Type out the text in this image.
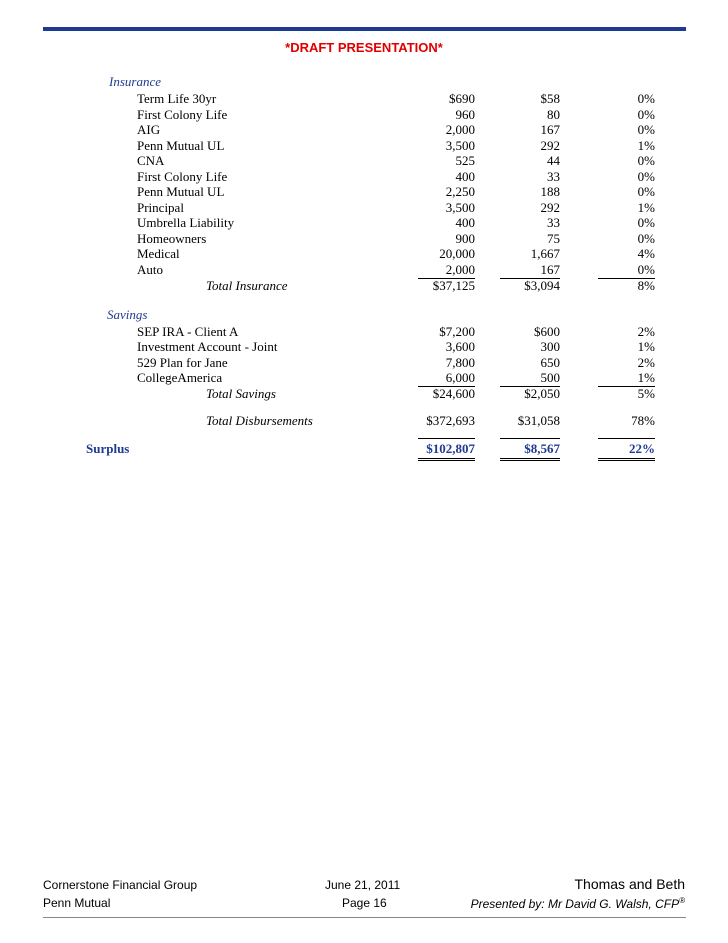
*DRAFT PRESENTATION*
Insurance
Term Life 30yr	$690	$58	0%
First Colony Life	960	80	0%
AIG	2,000	167	0%
Penn Mutual UL	3,500	292	1%
CNA	525	44	0%
First Colony Life	400	33	0%
Penn Mutual UL	2,250	188	0%
Principal	3,500	292	1%
Umbrella Liability	400	33	0%
Homeowners	900	75	0%
Medical	20,000	1,667	4%
Auto	2,000	167	0%
Total Insurance	$37,125	$3,094	8%
Savings
SEP IRA - Client A	$7,200	$600	2%
Investment Account - Joint	3,600	300	1%
529 Plan for Jane	7,800	650	2%
CollegeAmerica	6,000	500	1%
Total Savings	$24,600	$2,050	5%
Total Disbursements	$372,693	$31,058	78%
Surplus	$102,807	$8,567	22%
Cornerstone Financial Group
Penn Mutual
June 21, 2011
Page 16
Thomas and Beth
Presented by: Mr David G. Walsh, CFP®
